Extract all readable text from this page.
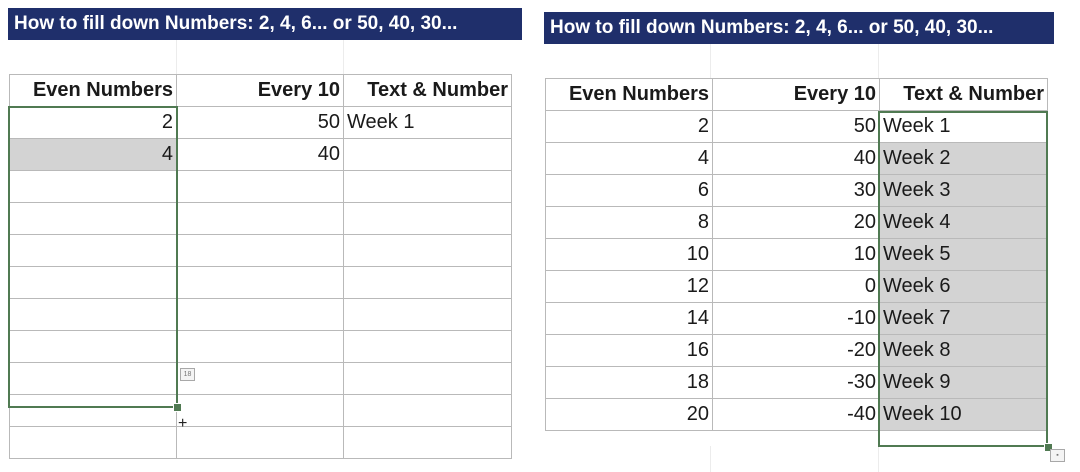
How to fill down Numbers: 2, 4, 6... or 50, 40, 30...	How to fill down Numbers: 2, 4, 6... or 50, 40, 30...
Even Numbers	Every 10	Text & Number
2	50	Week 1
4	40	

Even Numbers	Every 10	Text & Number
2	50	Week 1
4	40	Week 2
6	30	Week 3
8	20	Week 4
10	10	Week 5
12	0	Week 6
14	-10	Week 7
16	-20	Week 8
18	-30	Week 9
20	-40	Week 10
18
+
▪
